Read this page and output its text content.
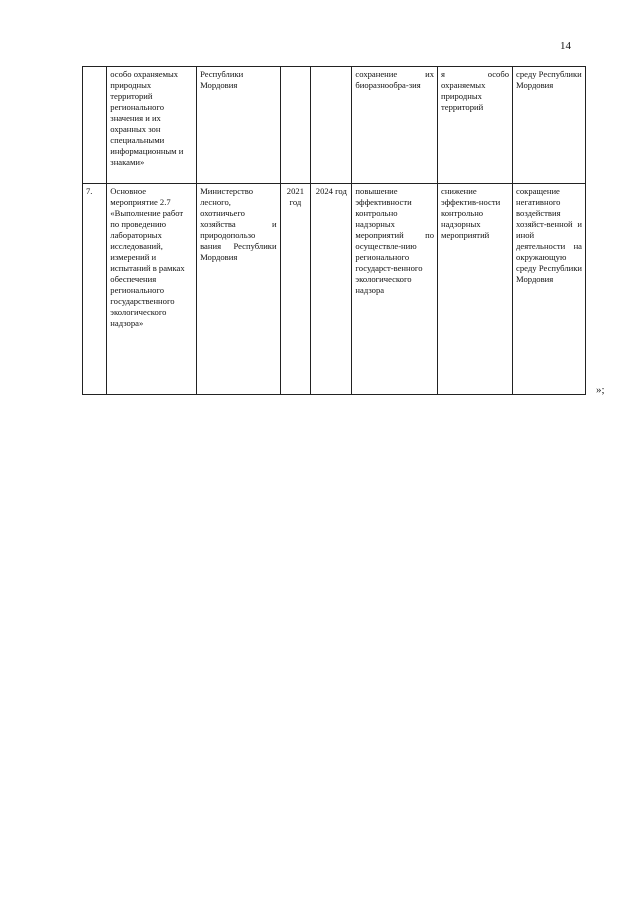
14
	особо охраняемых природных территорий регионального значения и их охранных зон специальными информационным и знаками»	Республики Мордовия			сохранение их биоразнообра-зия	я особо охраняемых природных территорий	среду Республики Мордовия
7.	Основное мероприятие 2.7 «Выполнение работ по проведению лабораторных исследований, измерений и испытаний в рамках обеспечения регионального государственного экологического надзора»	Министерство лесного, охотничьего хозяйства и природопользо вания Республики Мордовия	2021 год	2024 год	повышение эффективности контрольно надзорных мероприятий по осуществле-нию регионального государст-венного экологического надзора	снижение эффектив-ности контрольно надзорных мероприятий	сокращение негативного воздействия хозяйст-венной и иной деятельности на окружающую среду Республики Мордовия
»;
